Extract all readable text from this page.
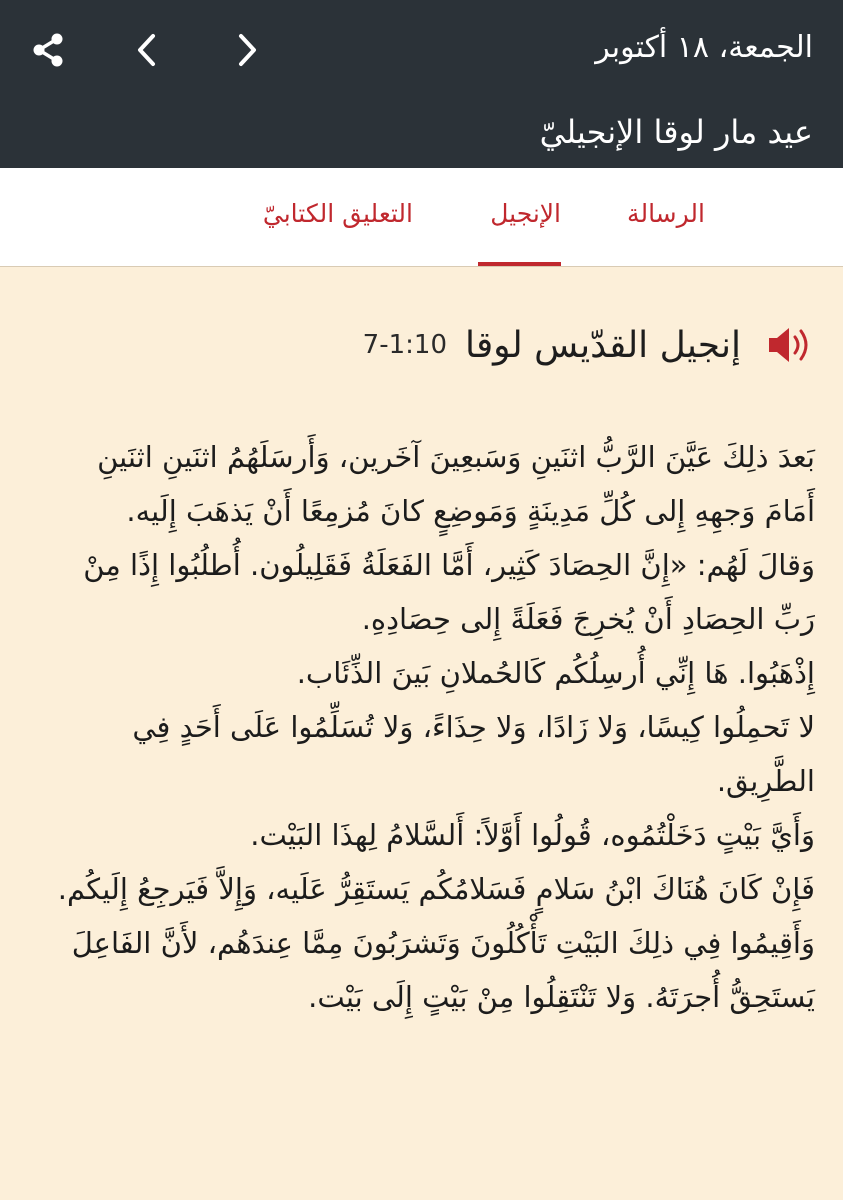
الجمعة، ١٨ أكتوبر
عيد مار لوقا الإنجيليّ
الرسالة
الإنجيل
التعليق الكتابيّ
إنجيل القدّيس لوقا
7-1:10
بَعدَ ذلِكَ عَيَّنَ الرَّبُّ اثنَينِ وَسَبعِينَ آخَرين، وَأَرسَلَهُمُ اثنَينِ اثنَينِ أَمَامَ وَجهِهِ إِلى كُلِّ مَدِينَةٍ وَمَوضِعٍ كانَ مُزمِعًا أَنْ يَذهَبَ إِلَيه.
وَقالَ لَهُم: «إِنَّ الحِصَادَ كَثِير، أَمَّا الفَعَلَةُ فَقَلِيلُون. أُطلُبُوا إِذًا مِنْ رَبِّ الحِصَادِ أَنْ يُخرِجَ فَعَلَةً إِلى حِصَادِهِ.
إِذْهَبُوا. هَا إِنِّي أُرسِلُكُم كَالحُملانِ بَينَ الذِّئَاب.
لا تَحمِلُوا كِيسًا، وَلا زَادًا، وَلا حِذَاءً، وَلا تُسَلِّمُوا عَلَى أَحَدٍ فِي الطَّرِيق.
وَأَيَّ بَيْتٍ دَخَلْتُمُوه، قُولُوا أَوَّلاً: أَلسَّلامُ لِهذَا البَيْت.
فَإِنْ كَانَ هُنَاكَ ابْنُ سَلامٍ فَسَلامُكُم يَستَقِرُّ عَلَيه، وَإِلاَّ فَيَرجِعُ إِلَيكُم.
وَأَقِيمُوا فِي ذلِكَ البَيْتِ تَأْكُلُونَ وَتَشرَبُونَ مِمَّا عِندَهُم، لأَنَّ الفَاعِلَ يَستَحِقُّ أُجرَتَهُ. وَلا تَنْتَقِلُوا مِنْ بَيْتٍ إِلَى بَيْت.
